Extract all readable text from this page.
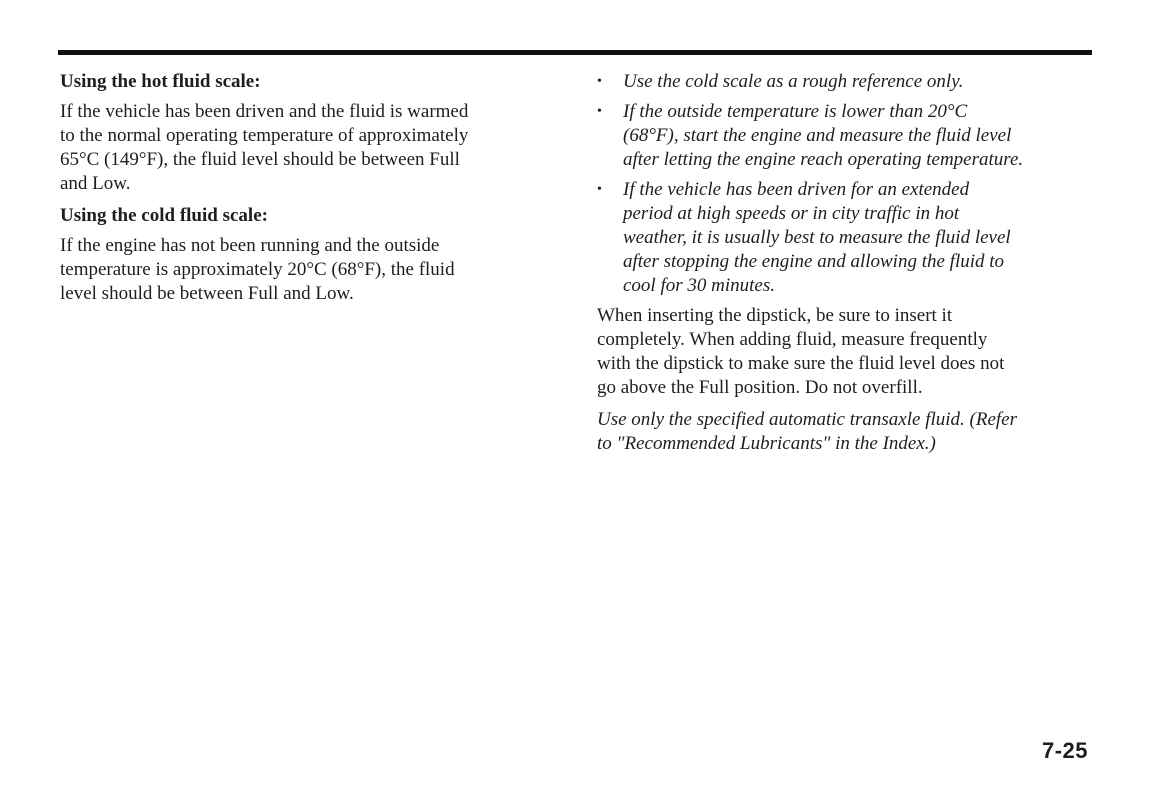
Using the hot fluid scale:
If the vehicle has been driven and the fluid is warmed
to the normal operating temperature of approximately
65°C (149°F), the fluid level should be between Full
and Low.
Using the cold fluid scale:
If the engine has not been running and the outside
temperature is approximately 20°C (68°F), the fluid
level should be between Full and Low.
• Use the cold scale as a rough reference only.
• If the outside temperature is lower than 20°C
(68°F), start the engine and measure the fluid level
after letting the engine reach operating temperature.
• If the vehicle has been driven for an extended
period at high speeds or in city traffic in hot
weather, it is usually best to measure the fluid level
after stopping the engine and allowing the fluid to
cool for 30 minutes.
When inserting the dipstick, be sure to insert it
completely. When adding fluid, measure frequently
with the dipstick to make sure the fluid level does not
go above the Full position. Do not overfill.
Use only the specified automatic transaxle fluid. (Refer
to "Recommended Lubricants" in the Index.)
7-25
